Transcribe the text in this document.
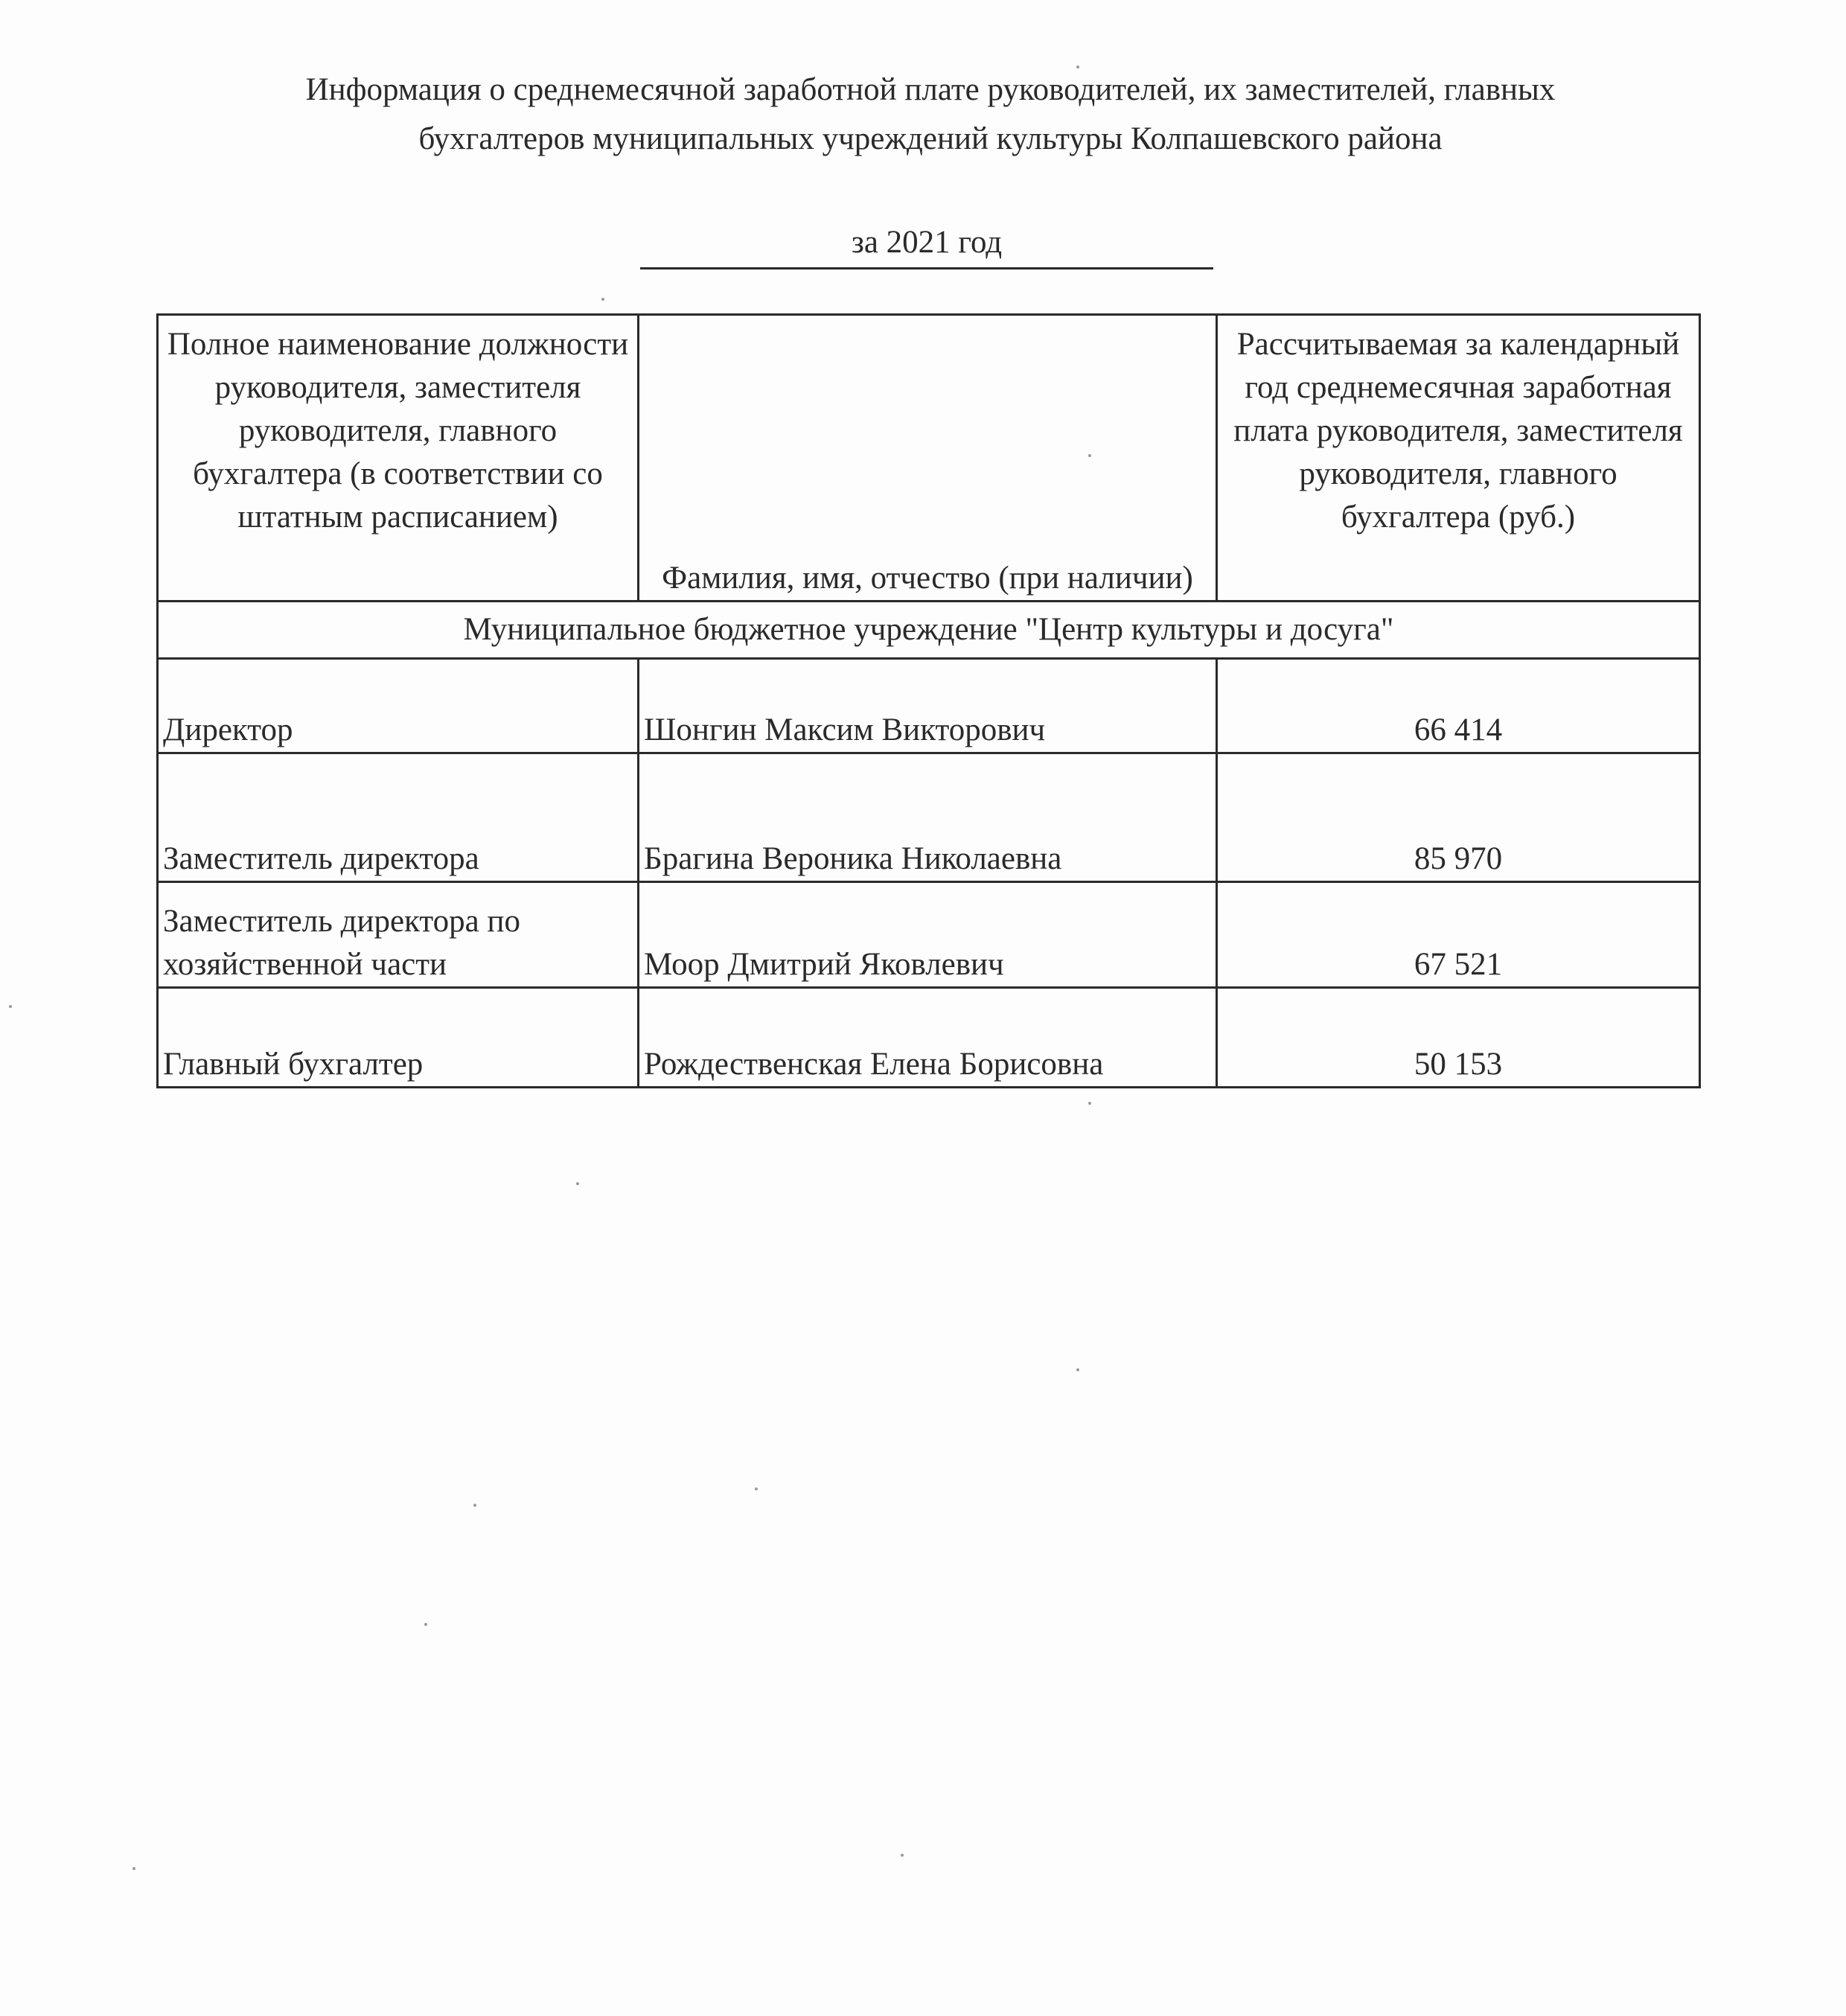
Информация о среднемесячной заработной плате руководителей, их заместителей, главных
бухгалтеров муниципальных учреждений культуры Колпашевского района
за 2021 год
Полное наименование должности руководителя, заместителя руководителя, главного бухгалтера (в соответствии со штатным расписанием)	Фамилия, имя, отчество (при наличии)	Рассчитываемая за календарный год среднемесячная заработная плата руководителя, заместителя руководителя, главного бухгалтера (руб.)
Муниципальное бюджетное учреждение "Центр культуры и досуга"		
Директор	Шонгин Максим Викторович	66 414
Заместитель директора	Брагина Вероника Николаевна	85 970
Заместитель директора по хозяйственной части	Моор Дмитрий Яковлевич	67 521
Главный бухгалтер	Рождественская Елена Борисовна	50 153
